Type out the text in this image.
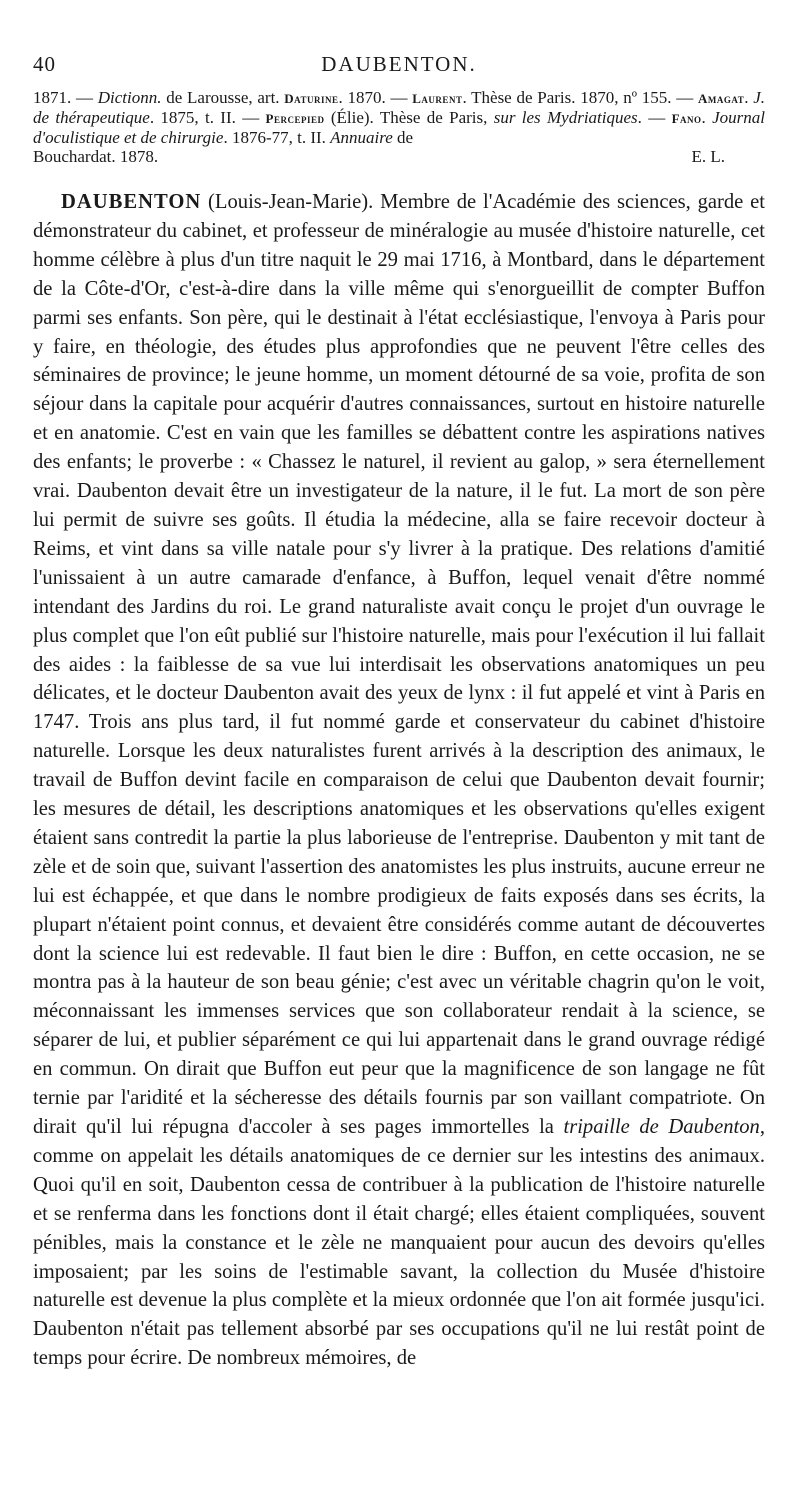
40	DAUBENTON.
1871. — Dictionn. de Larousse, art. Daturine. 1870. — Laurent. Thèse de Paris. 1870, nº 155. — Amagat. J. de thérapeutique. 1875, t. II. — Percepied (Élie). Thèse de Paris, sur les Mydriatiques. — Fano. Journal d'oculistique et de chirurgie. 1876-77, t. II. Annuaire de
Bouchardat. 1878.	E. L.
DAUBENTON (Louis-Jean-Marie). Membre de l'Académie des sciences, garde et démonstrateur du cabinet, et professeur de minéralogie au musée d'histoire naturelle, cet homme célèbre à plus d'un titre naquit le 29 mai 1716, à Montbard, dans le département de la Côte-d'Or, c'est-à-dire dans la ville même qui s'enorgueillit de compter Buffon parmi ses enfants. Son père, qui le destinait à l'état ecclésiastique, l'envoya à Paris pour y faire, en théologie, des études plus approfondies que ne peuvent l'être celles des séminaires de province; le jeune homme, un moment détourné de sa voie, profita de son séjour dans la capitale pour acquérir d'autres connaissances, surtout en histoire naturelle et en anatomie. C'est en vain que les familles se débattent contre les aspirations natives des enfants; le proverbe : « Chassez le naturel, il revient au galop, » sera éternellement vrai. Daubenton devait être un investigateur de la nature, il le fut. La mort de son père lui permit de suivre ses goûts. Il étudia la médecine, alla se faire recevoir docteur à Reims, et vint dans sa ville natale pour s'y livrer à la pratique. Des relations d'amitié l'unissaient à un autre camarade d'enfance, à Buffon, lequel venait d'être nommé intendant des Jardins du roi. Le grand naturaliste avait conçu le projet d'un ouvrage le plus complet que l'on eût publié sur l'histoire naturelle, mais pour l'exécution il lui fallait des aides : la faiblesse de sa vue lui interdisait les observations anatomiques un peu délicates, et le docteur Daubenton avait des yeux de lynx : il fut appelé et vint à Paris en 1747. Trois ans plus tard, il fut nommé garde et conservateur du cabinet d'histoire naturelle. Lorsque les deux naturalistes furent arrivés à la description des animaux, le travail de Buffon devint facile en comparaison de celui que Daubenton devait fournir; les mesures de détail, les descriptions anatomiques et les observations qu'elles exigent étaient sans contredit la partie la plus laborieuse de l'entreprise. Daubenton y mit tant de zèle et de soin que, suivant l'assertion des anatomistes les plus instruits, aucune erreur ne lui est échappée, et que dans le nombre prodigieux de faits exposés dans ses écrits, la plupart n'étaient point connus, et devaient être considérés comme autant de découvertes dont la science lui est redevable. Il faut bien le dire : Buffon, en cette occasion, ne se montra pas à la hauteur de son beau génie; c'est avec un véritable chagrin qu'on le voit, méconnaissant les immenses services que son collaborateur rendait à la science, se séparer de lui, et publier séparément ce qui lui appartenait dans le grand ouvrage rédigé en commun. On dirait que Buffon eut peur que la magnificence de son langage ne fût ternie par l'aridité et la sécheresse des détails fournis par son vaillant compatriote. On dirait qu'il lui répugna d'accoler à ses pages immortelles la tripaille de Daubenton, comme on appelait les détails anatomiques de ce dernier sur les intestins des animaux. Quoi qu'il en soit, Daubenton cessa de contribuer à la publication de l'histoire naturelle et se renferma dans les fonctions dont il était chargé; elles étaient compliquées, souvent pénibles, mais la constance et le zèle ne manquaient pour aucun des devoirs qu'elles imposaient; par les soins de l'estimable savant, la collection du Musée d'histoire naturelle est devenue la plus complète et la mieux ordonnée que l'on ait formée jusqu'ici. Daubenton n'était pas tellement absorbé par ses occupations qu'il ne lui restât point de temps pour écrire. De nombreux mémoires, de
